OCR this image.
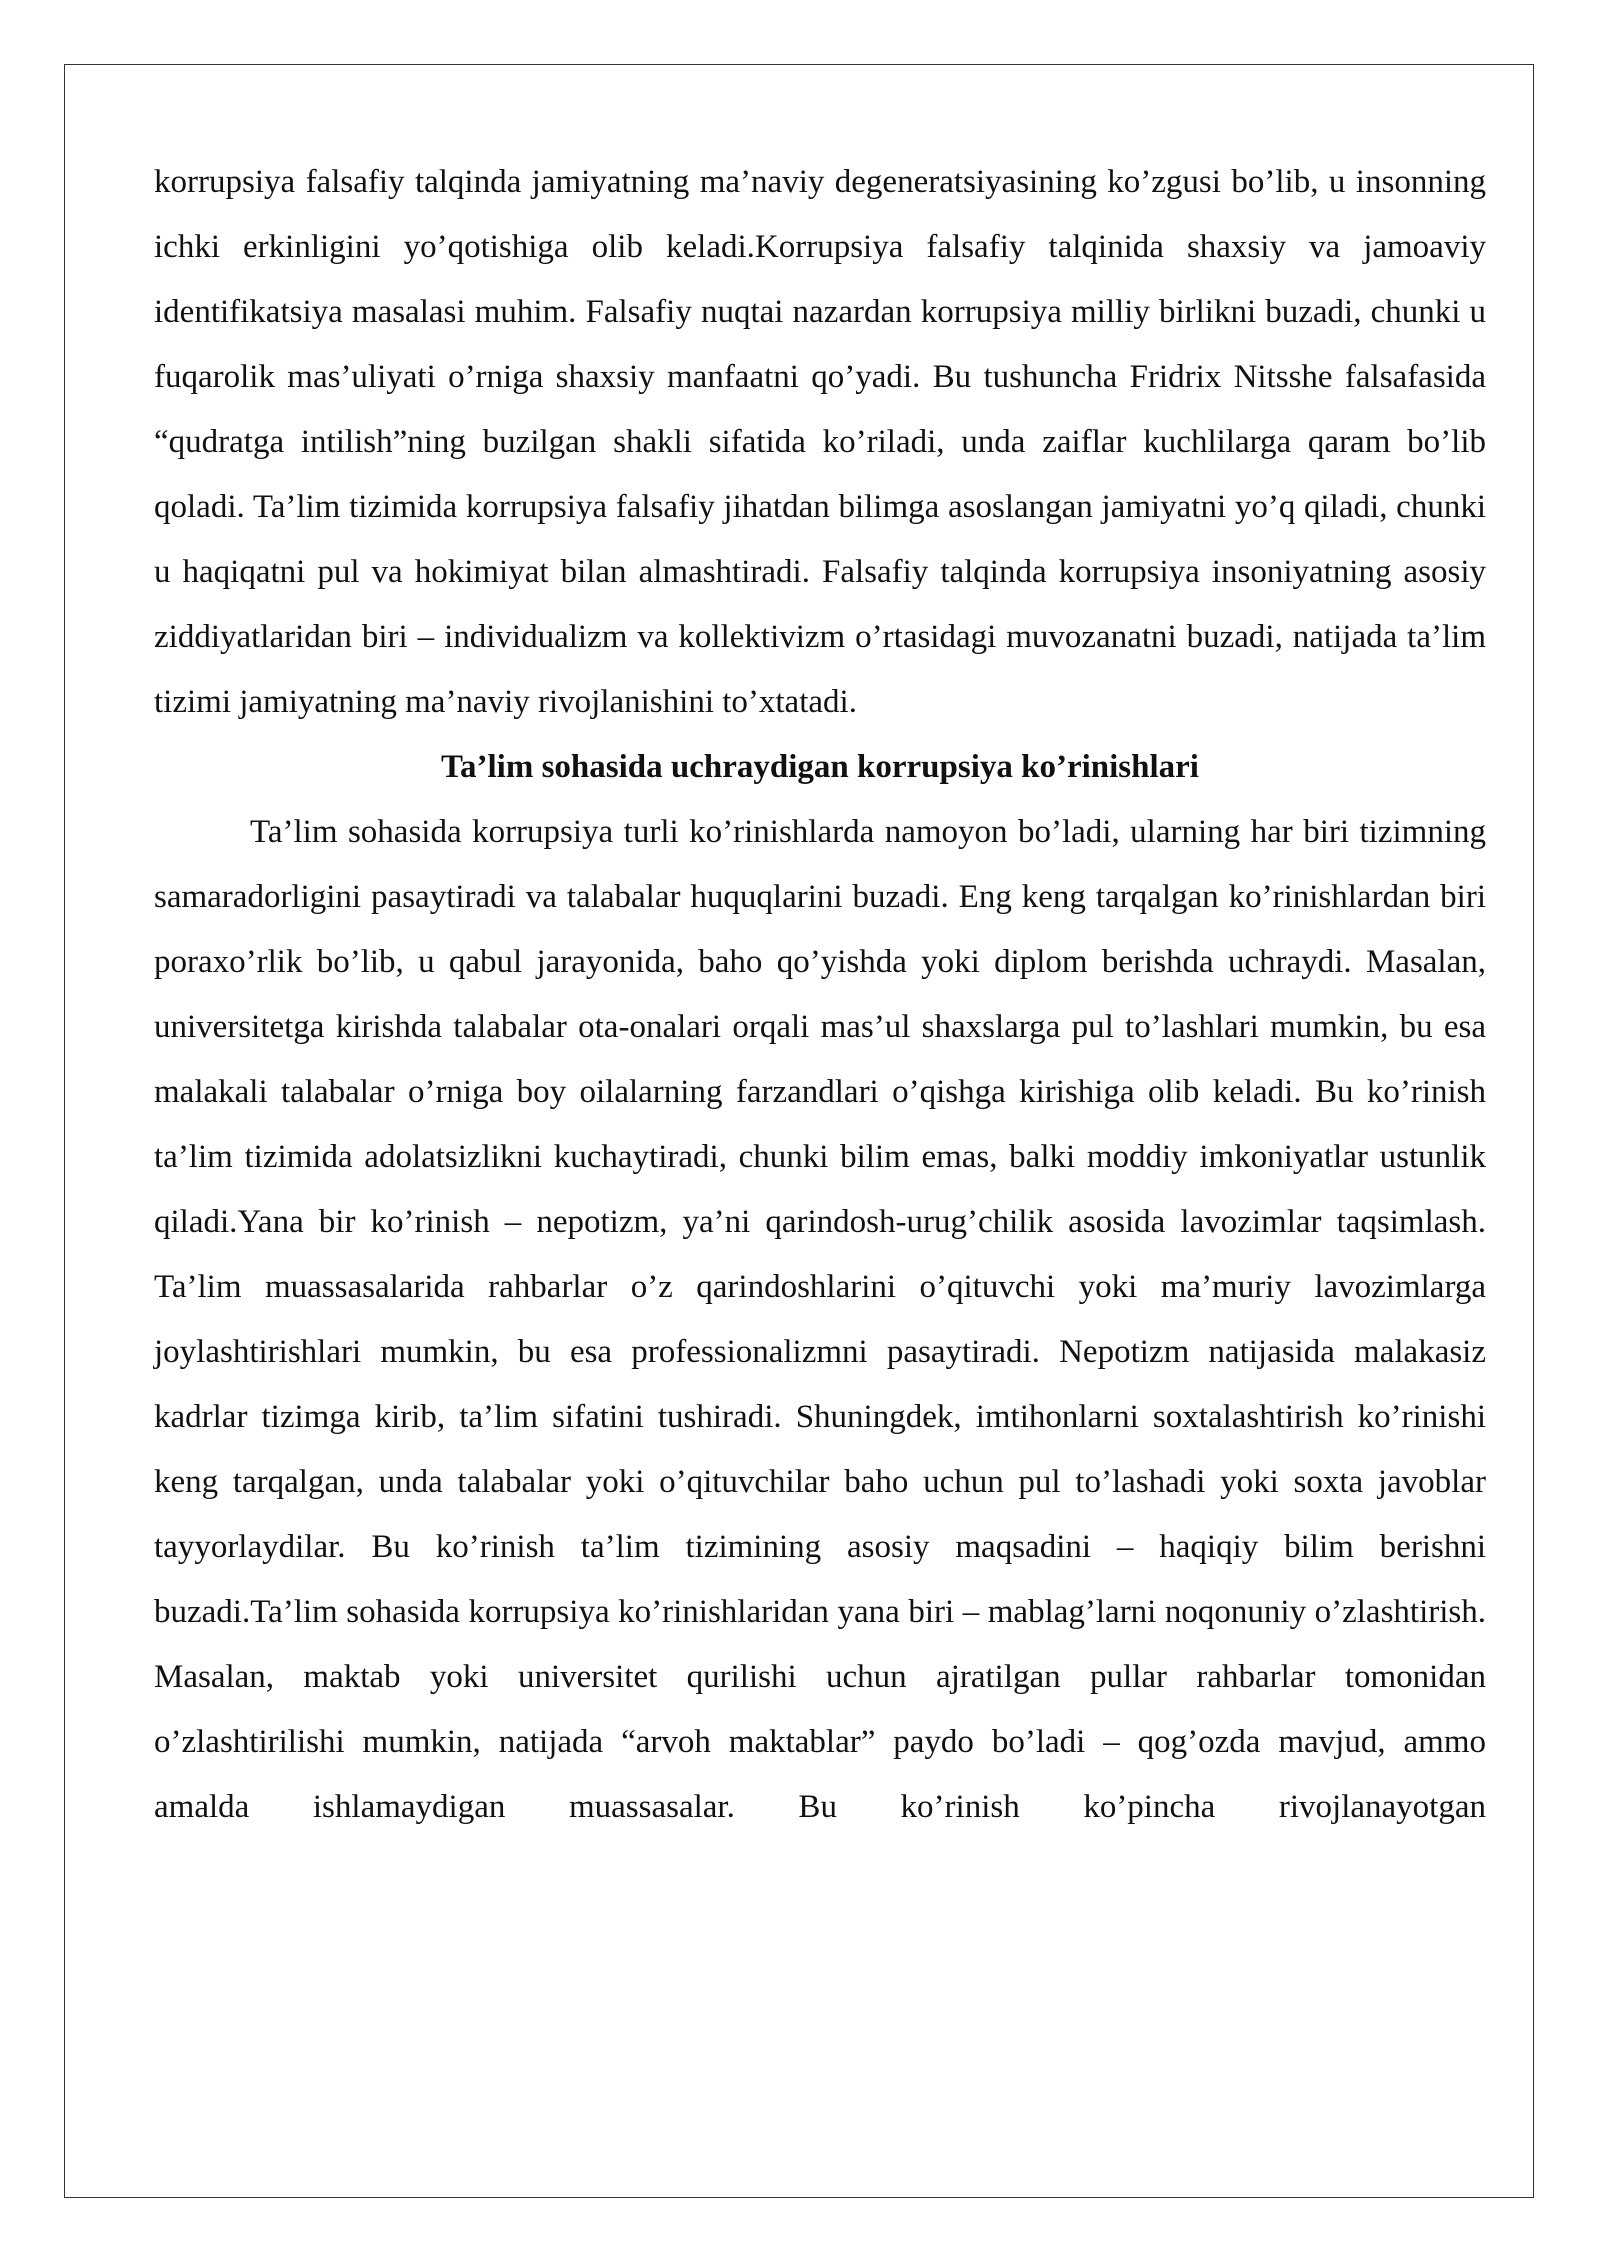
korrupsiya falsafiy talqinda jamiyatning ma’naviy degeneratsiyasining ko’zgusi bo’lib, u insonning ichki erkinligini yo’qotishiga olib keladi.Korrupsiya falsafiy talqinida shaxsiy va jamoaviy identifikatsiya masalasi muhim. Falsafiy nuqtai nazardan korrupsiya milliy birlikni buzadi, chunki u fuqarolik mas’uliyati o’rniga shaxsiy manfaatni qo’yadi. Bu tushuncha Fridrix Nitsshe falsafasida “qudratga intilish”ning buzilgan shakli sifatida ko’riladi, unda zaiflar kuchlilarga qaram bo’lib qoladi. Ta’lim tizimida korrupsiya falsafiy jihatdan bilimga asoslangan jamiyatni yo’q qiladi, chunki u haqiqatni pul va hokimiyat bilan almashtiradi. Falsafiy talqinda korrupsiya insoniyatning asosiy ziddiyatlaridan biri – individualizm va kollektivizm o’rtasidagi muvozanatni buzadi, natijada ta’lim tizimi jamiyatning ma’naviy rivojlanishini to’xtatadi.

Ta’lim sohasida uchraydigan korrupsiya ko’rinishlari

Ta’lim sohasida korrupsiya turli ko’rinishlarda namoyon bo’ladi, ularning har biri tizimning samaradorligini pasaytiradi va talabalar huquqlarini buzadi. Eng keng tarqalgan ko’rinishlardan biri poraxo’rlik bo’lib, u qabul jarayonida, baho qo’yishda yoki diplom berishda uchraydi. Masalan, universitetga kirishda talabalar ota-onalari orqali mas’ul shaxslarga pul to’lashlari mumkin, bu esa malakali talabalar o’rniga boy oilalarning farzandlari o’qishga kirishiga olib keladi. Bu ko’rinish ta’lim tizimida adolatsizlikni kuchaytiradi, chunki bilim emas, balki moddiy imkoniyatlar ustunlik qiladi.Yana bir ko’rinish – nepotizm, ya’ni qarindosh-urug’chilik asosida lavozimlar taqsimlash. Ta’lim muassasalarida rahbarlar o’z qarindoshlarini o’qituvchi yoki ma’muriy lavozimlarga joylashtirishlari mumkin, bu esa professionalizmni pasaytiradi. Nepotizm natijasida malakasiz kadrlar tizimga kirib, ta’lim sifatini tushiradi. Shuningdek, imtihonlarni soxtalashtirish ko’rinishi keng tarqalgan, unda talabalar yoki o’qituvchilar baho uchun pul to’lashadi yoki soxta javoblar tayyorlaydilar. Bu ko’rinish ta’lim tizimining asosiy maqsadini – haqiqiy bilim berishni buzadi.Ta’lim sohasida korrupsiya ko’rinishlaridan yana biri – mablag’larni noqonuniy o’zlashtirish. Masalan, maktab yoki universitet qurilishi uchun ajratilgan pullar rahbarlar tomonidan o’zlashtirilishi mumkin, natijada “arvoh maktablar” paydo bo’ladi – qog’ozda mavjud, ammo amalda ishlamaydigan muassasalar. Bu ko’rinish ko’pincha rivojlanayotgan
